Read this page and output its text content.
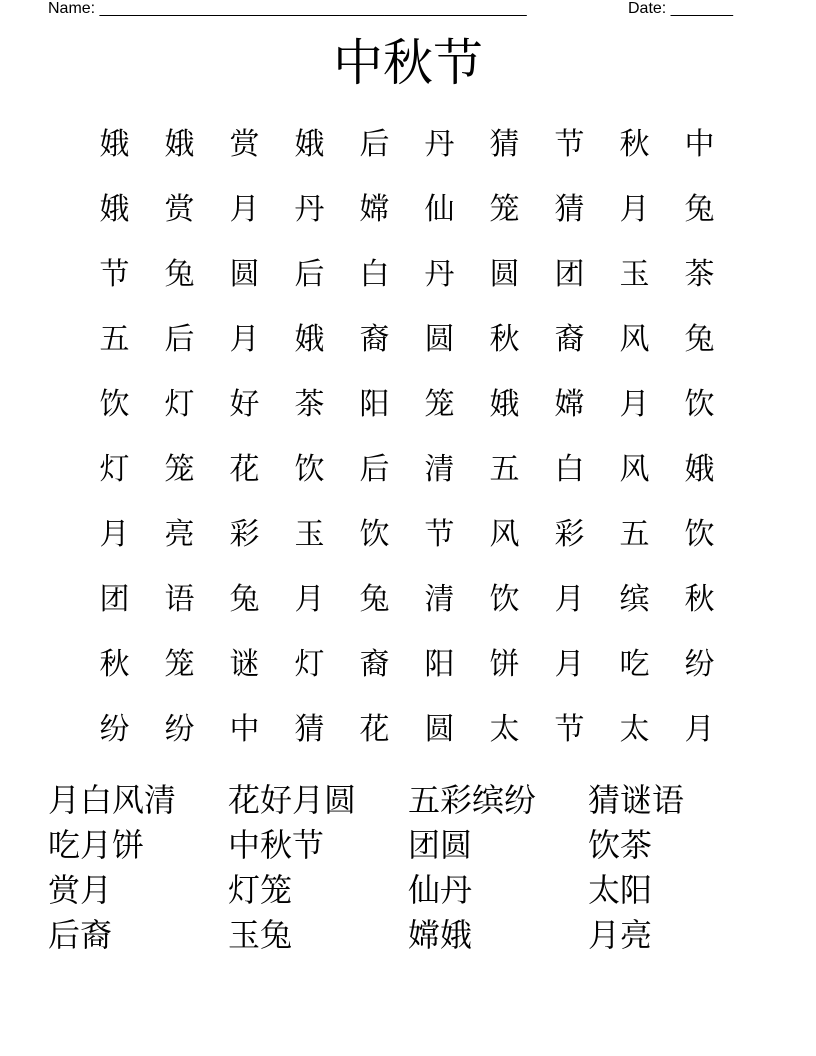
Name: ________________________________________________	Date: _______
中秋节
娥	娥	赏	娥	后	丹	猜	节	秋	中
娥	赏	月	丹	嫦	仙	笼	猜	月	兔
节	兔	圆	后	白	丹	圆	团	玉	茶
五	后	月	娥	裔	圆	秋	裔	风	兔
饮	灯	好	茶	阳	笼	娥	嫦	月	饮
灯	笼	花	饮	后	清	五	白	风	娥
月	亮	彩	玉	饮	节	风	彩	五	饮
团	语	兔	月	兔	清	饮	月	缤	秋
秋	笼	谜	灯	裔	阳	饼	月	吃	纷
纷	纷	中	猜	花	圆	太	节	太	月
月白风清	花好月圆	五彩缤纷	猜谜语
吃月饼	中秋节	团圆	饮茶
赏月	灯笼	仙丹	太阳
后裔	玉兔	嫦娥	月亮
